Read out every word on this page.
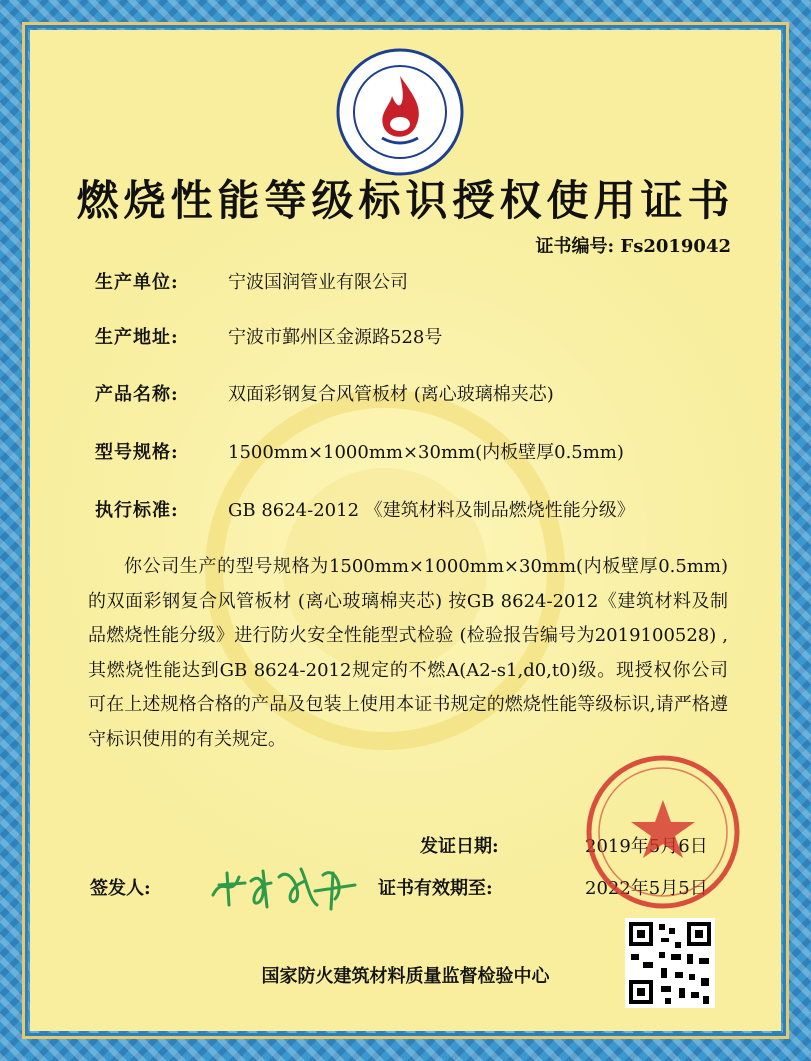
燃烧性能等级标识授权使用证书
证书编号: Fs2019042
生产单位:	宁波国润管业有限公司
生产地址:	宁波市鄞州区金源路528号
产品名称:	双面彩钢复合风管板材 (离心玻璃棉夹芯)
型号规格:	1500mm×1000mm×30mm(内板壁厚0.5mm)
执行标准:	GB 8624-2012 《建筑材料及制品燃烧性能分级》
你公司生产的型号规格为1500mm×1000mm×30mm(内板壁厚0.5mm) 的双面彩钢复合风管板材 (离心玻璃棉夹芯) 按GB 8624-2012《建筑材料及制品燃烧性能分级》进行防火安全性能型式检验 (检验报告编号为2019100528) ,其燃烧性能达到GB 8624-2012规定的不燃A(A2-s1,d0,t0)级。现授权你公司可在上述规格合格的产品及包装上使用本证书规定的燃烧性能等级标识,请严格遵守标识使用的有关规定。
发证日期:	2019年5月6日
签发人:	证书有效期至:	2022年5月5日
国家防火建筑材料质量监督检验中心
